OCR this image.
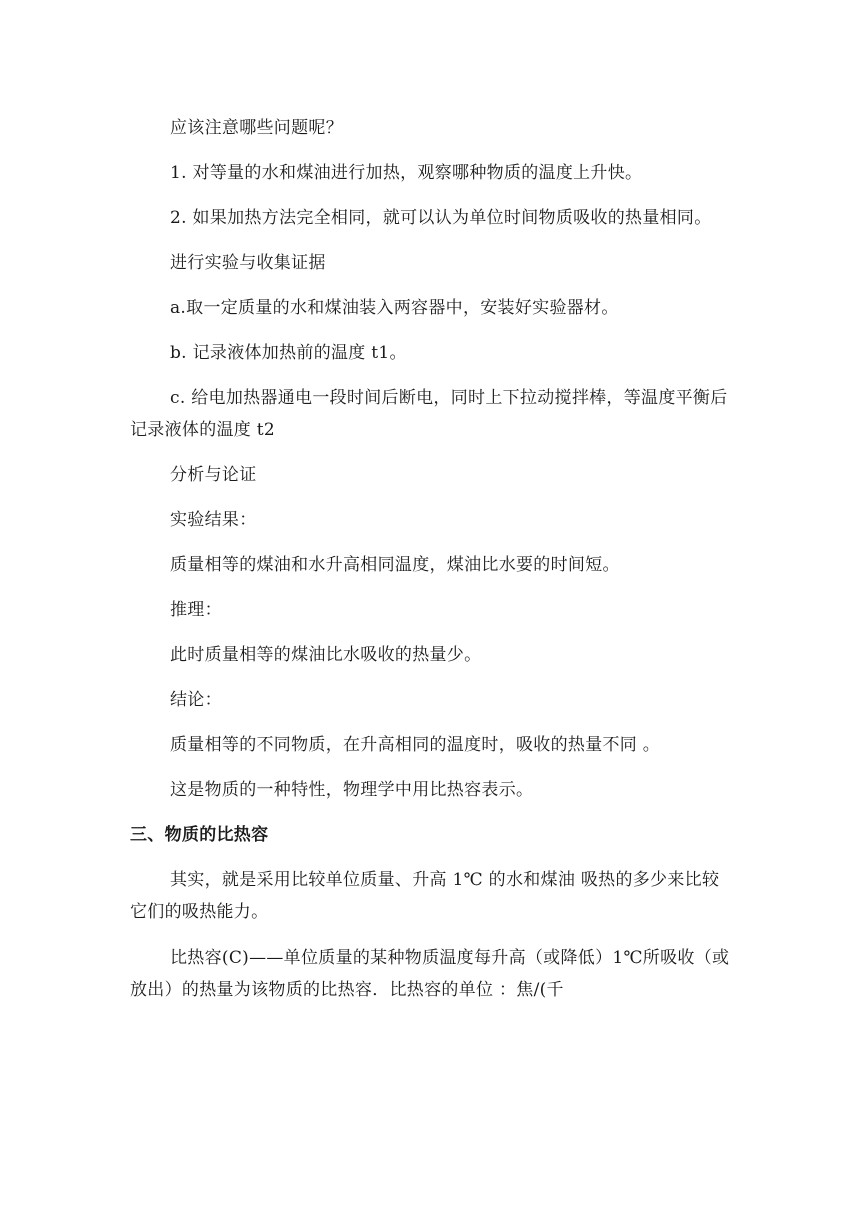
应该注意哪些问题呢？

1. 对等量的水和煤油进行加热，观察哪种物质的温度上升快。

2. 如果加热方法完全相同，就可以认为单位时间物质吸收的热量相同。

进行实验与收集证据

a.取一定质量的水和煤油装入两容器中，安装好实验器材。

b. 记录液体加热前的温度 t1。

c. 给电加热器通电一段时间后断电，同时上下拉动搅拌棒，等温度平衡后记录液体的温度 t2

分析与论证

实验结果：

质量相等的煤油和水升高相同温度，煤油比水要的时间短。

推理：

此时质量相等的煤油比水吸收的热量少。

结论：

质量相等的不同物质，在升高相同的温度时，吸收的热量不同 。

这是物质的一种特性，物理学中用比热容表示。

三、物质的比热容

其实，就是采用比较单位质量、升高 1℃ 的水和煤油 吸热的多少来比较它们的吸热能力。

比热容(C)——单位质量的某种物质温度每升高（或降低）1℃所吸收（或放出）的热量为该物质的比热容．比热容的单位 ：焦/(千
